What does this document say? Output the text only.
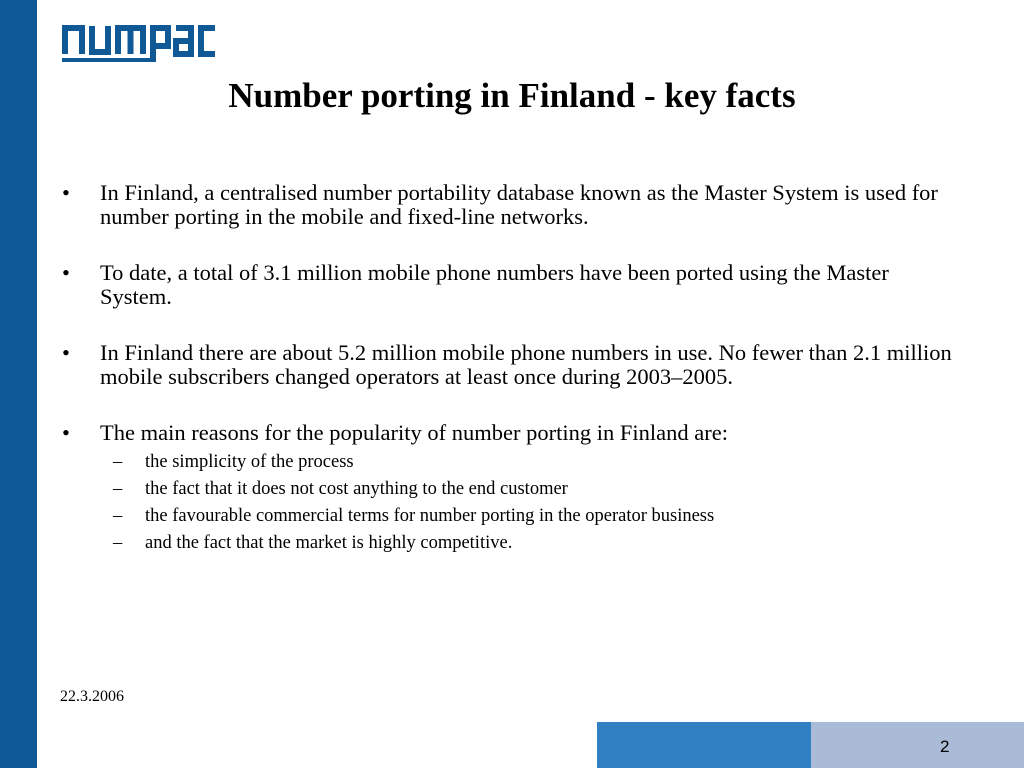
Number porting in Finland - key facts
• In Finland, a centralised number portability database known as the Master System is used for number porting in the mobile and fixed-line networks.
• To date, a total of 3.1 million mobile phone numbers have been ported using the Master System.
• In Finland there are about 5.2 million mobile phone numbers in use. No fewer than 2.1 million mobile subscribers changed operators at least once during 2003–2005.
• The main reasons for the popularity of number porting in Finland are:
– the simplicity of the process
– the fact that it does not cost anything to the end customer
– the favourable commercial terms for number porting in the operator business
– and the fact that the market is highly competitive.
22.3.2006
2
